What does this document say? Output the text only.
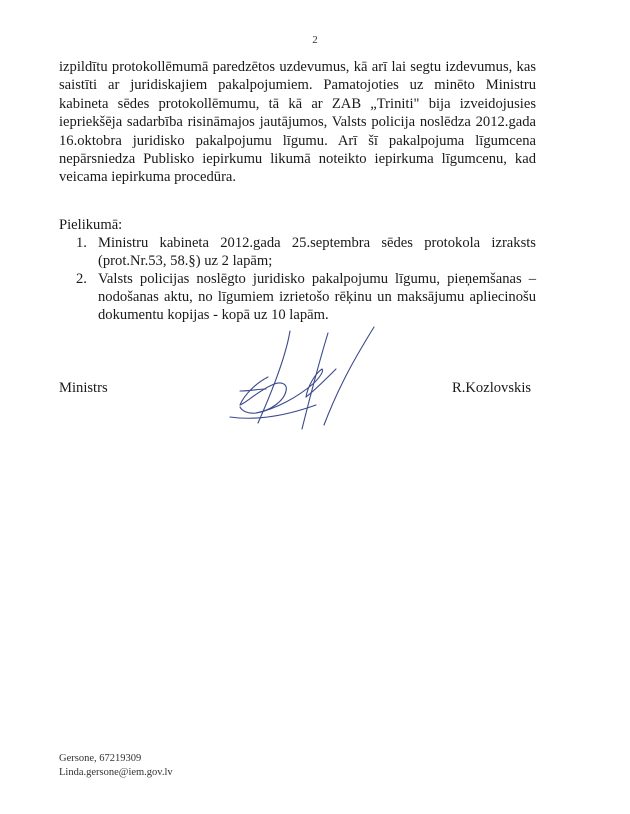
2
izpildītu protokollēmumā paredzētos uzdevumus, kā arī lai segtu izdevumus, kas
saistīti ar juridiskajiem pakalpojumiem. Pamatojoties uz minēto Ministru
kabineta sēdes protokollēmumu, tā kā ar ZAB „Triniti" bija izveidojusies
iepriekšēja sadarbība risināmajos jautājumos, Valsts policija noslēdza 2012.gada
16.oktobra juridisko pakalpojumu līgumu. Arī šī pakalpojuma līgumcena
nepārsniedza Publisko iepirkumu likumā noteikto iepirkuma līgumcenu, kad
veicama iepirkuma procedūra.
Pielikumā:
1. Ministru kabineta 2012.gada 25.septembra sēdes protokola izraksts
(prot.Nr.53, 58.§) uz 2 lapām;
2. Valsts policijas noslēgto juridisko pakalpojumu līgumu, pieņemšanas –
nodošanas aktu, no līgumiem izrietošo rēķinu un maksājumu apliecinošu
dokumentu kopijas - kopā uz 10 lapām.
Ministrs	R.Kozlovskis
Gersone, 67219309
Linda.gersone@iem.gov.lv
